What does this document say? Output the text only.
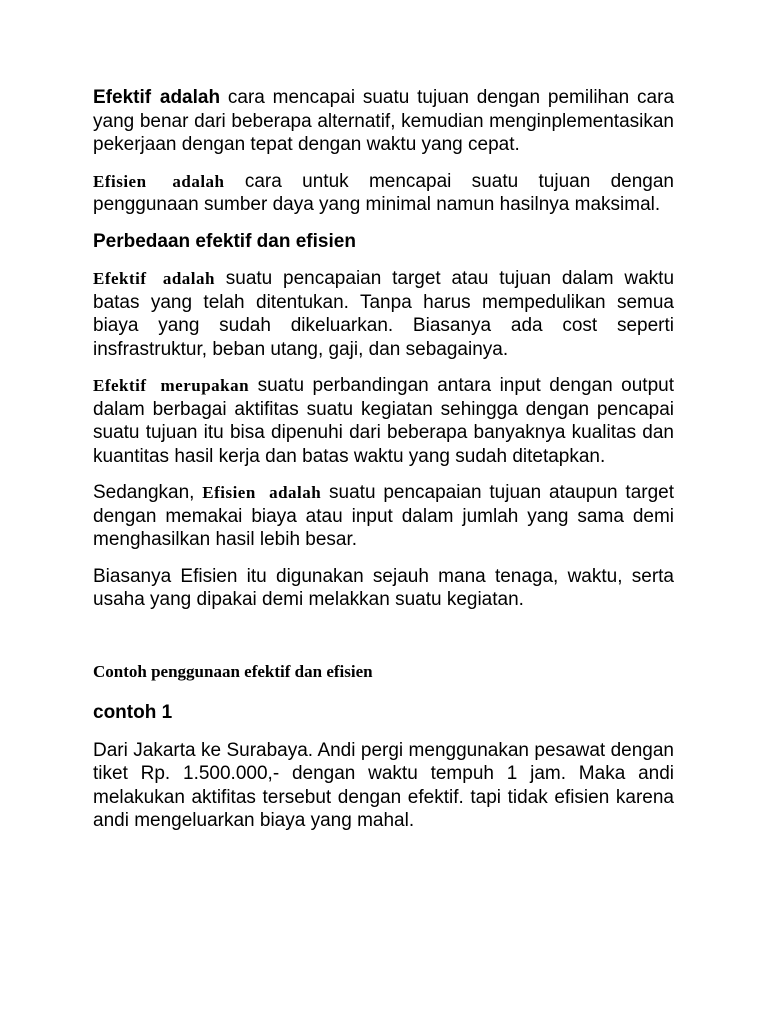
Efektif adalah cara mencapai suatu tujuan dengan pemilihan cara yang benar dari beberapa alternatif, kemudian menginplementasikan pekerjaan dengan tepat dengan waktu yang cepat.

Efisien adalah cara untuk mencapai suatu tujuan dengan penggunaan sumber daya yang minimal namun hasilnya maksimal.

Perbedaan efektif dan efisien

Efektif adalah suatu pencapaian target atau tujuan dalam waktu batas yang telah ditentukan. Tanpa harus mempedulikan semua biaya yang sudah dikeluarkan. Biasanya ada cost seperti insfrastruktur, beban utang, gaji, dan sebagainya.

Efektif merupakan suatu perbandingan antara input dengan output dalam berbagai aktifitas suatu kegiatan sehingga dengan pencapai suatu tujuan itu bisa dipenuhi dari beberapa banyaknya kualitas dan kuantitas hasil kerja dan batas waktu yang sudah ditetapkan.

Sedangkan, Efisien adalah suatu pencapaian tujuan ataupun target dengan memakai biaya atau input dalam jumlah yang sama demi menghasilkan hasil lebih besar.

Biasanya Efisien itu digunakan sejauh mana tenaga, waktu, serta usaha yang dipakai demi melakkan suatu kegiatan.

Contoh penggunaan efektif dan efisien

contoh 1

Dari Jakarta ke Surabaya. Andi pergi menggunakan pesawat dengan tiket Rp. 1.500.000,- dengan waktu tempuh 1 jam. Maka andi melakukan aktifitas tersebut dengan efektif. tapi tidak efisien karena andi mengeluarkan biaya yang mahal.
